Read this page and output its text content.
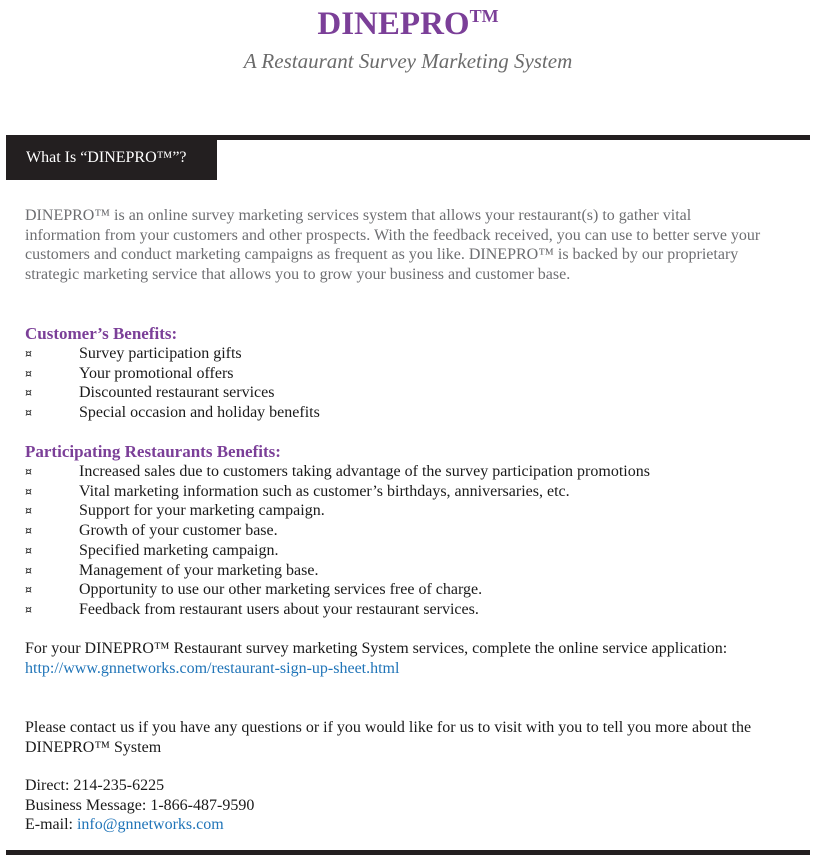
DINEPRO™
A Restaurant Survey Marketing System
What Is “DINEPRO™”?
DINEPRO™ is an online survey marketing services system that allows your restaurant(s) to gather vital information from your customers and other prospects. With the feedback received, you can use to better serve your customers and conduct marketing campaigns as frequent as you like. DINEPRO™ is backed by our proprietary strategic marketing service that allows you to grow your business and customer base.
Customer’s Benefits:
¤	Survey participation gifts
¤	Your promotional offers
¤	Discounted restaurant services
¤	Special occasion and holiday benefits
Participating Restaurants Benefits:
¤	Increased sales due to customers taking advantage of the survey participation promotions
¤	Vital marketing information such as customer’s birthdays, anniversaries, etc.
¤	Support for your marketing campaign.
¤	Growth of your customer base.
¤	Specified marketing campaign.
¤	Management of your marketing base.
¤	Opportunity to use our other marketing services free of charge.
¤	Feedback from restaurant users about your restaurant services.
For your DINEPRO™ Restaurant survey marketing System services, complete the online service application: http://www.gnnetworks.com/restaurant-sign-up-sheet.html
Please contact us if you have any questions or if you would like for us to visit with you to tell you more about the DINEPRO™ System
Direct: 214-235-6225
Business Message: 1-866-487-9590
E-mail: info@gnnetworks.com
